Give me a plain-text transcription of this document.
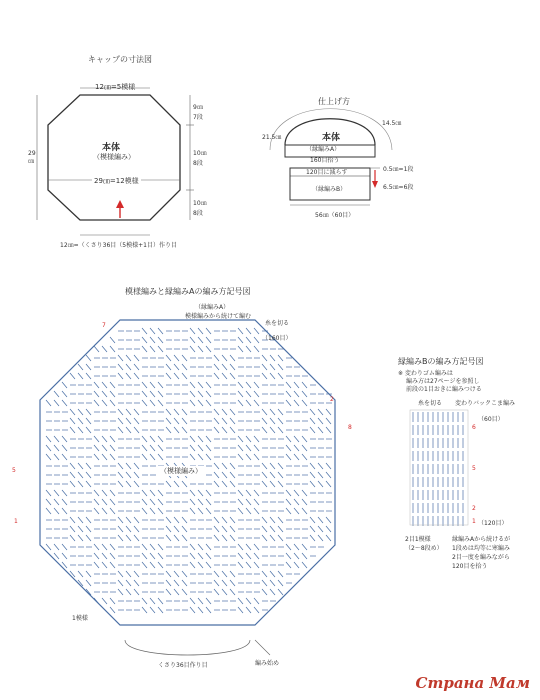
キャップの寸法図
12㎝=5模様
本体
（模様編み）
29㎝=12模様
29㎝
9㎝
7段
10㎝
8段
10㎝
8段
12㎝=（くさり36目（5模様+1目）作り目
仕上げ方
本体
21.5㎝
14.5㎝
（縁編みA）
160目拾う
120目に減らす	0.5㎝=1段
（縁編みB）	6.5㎝=6段
56㎝（60目）
模様編みと縁編みAの編み方記号図
（縁編みA）
模様編みから続けて編む
糸を切る
（160目）
（模様編み）
1模様
くさり36目作り目	編み始め
7
5
1
2
8
縁編みBの編み方記号図
※ 変わりゴム編みは
編み方は27ページを参照し
前段の1目おきに編みつける
糸を切る 変わりバックこま編み
（60目）
（120目）
2目1模様
（2～8段め）
縁編みAから続けるが
1段めは均等に寒編み
2目一度を編みながら
120目を拾う
6
5
2
1
Страна Мам
